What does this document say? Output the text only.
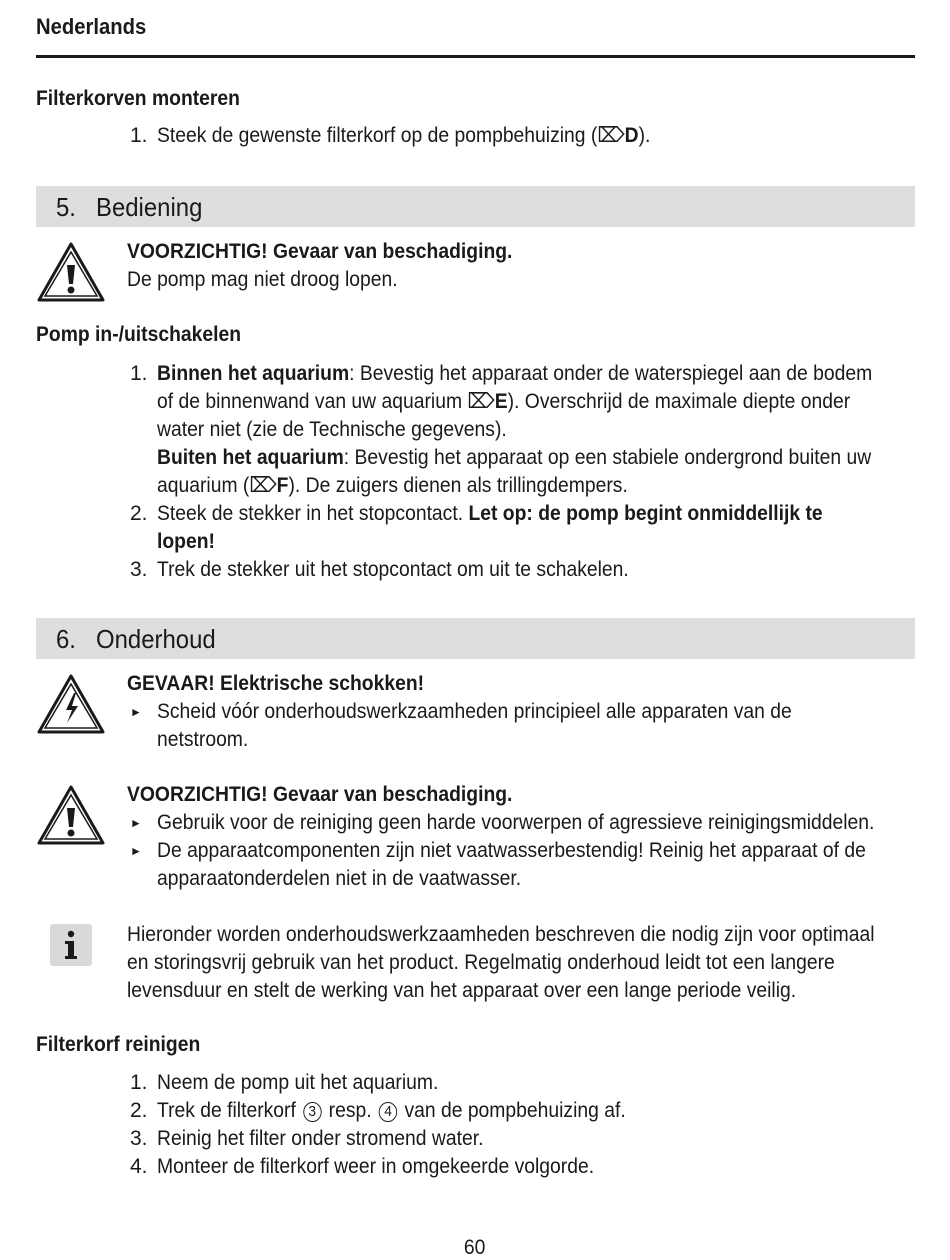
Nederlands
Filterkorven monteren
1. Steek de gewenste filterkorf op de pompbehuizing (⌦D).
5. Bediening
VOORZICHTIG! Gevaar van beschadiging.
De pomp mag niet droog lopen.
Pomp in-/uitschakelen
1. Binnen het aquarium: Bevestig het apparaat onder de waterspiegel aan de bodem
of de binnenwand van uw aquarium ⌦E). Overschrijd de maximale diepte onder
water niet (zie de Technische gegevens).
Buiten het aquarium: Bevestig het apparaat op een stabiele ondergrond buiten uw
aquarium (⌦F). De zuigers dienen als trillingdempers.
2. Steek de stekker in het stopcontact. Let op: de pomp begint onmiddellijk te
lopen!
3. Trek de stekker uit het stopcontact om uit te schakelen.
6. Onderhoud
GEVAAR! Elektrische schokken!
► Scheid vóór onderhoudswerkzaamheden principieel alle apparaten van de
netstroom.
VOORZICHTIG! Gevaar van beschadiging.
► Gebruik voor de reiniging geen harde voorwerpen of agressieve reinigingsmiddelen.
► De apparaatcomponenten zijn niet vaatwasserbestendig! Reinig het apparaat of de
apparaatonderdelen niet in de vaatwasser.
Hieronder worden onderhoudswerkzaamheden beschreven die nodig zijn voor optimaal
en storingsvrij gebruik van het product. Regelmatig onderhoud leidt tot een langere
levensduur en stelt de werking van het apparaat over een lange periode veilig.
Filterkorf reinigen
1. Neem de pomp uit het aquarium.
2. Trek de filterkorf 3 resp. 4 van de pompbehuizing af.
3. Reinig het filter onder stromend water.
4. Monteer de filterkorf weer in omgekeerde volgorde.
60
